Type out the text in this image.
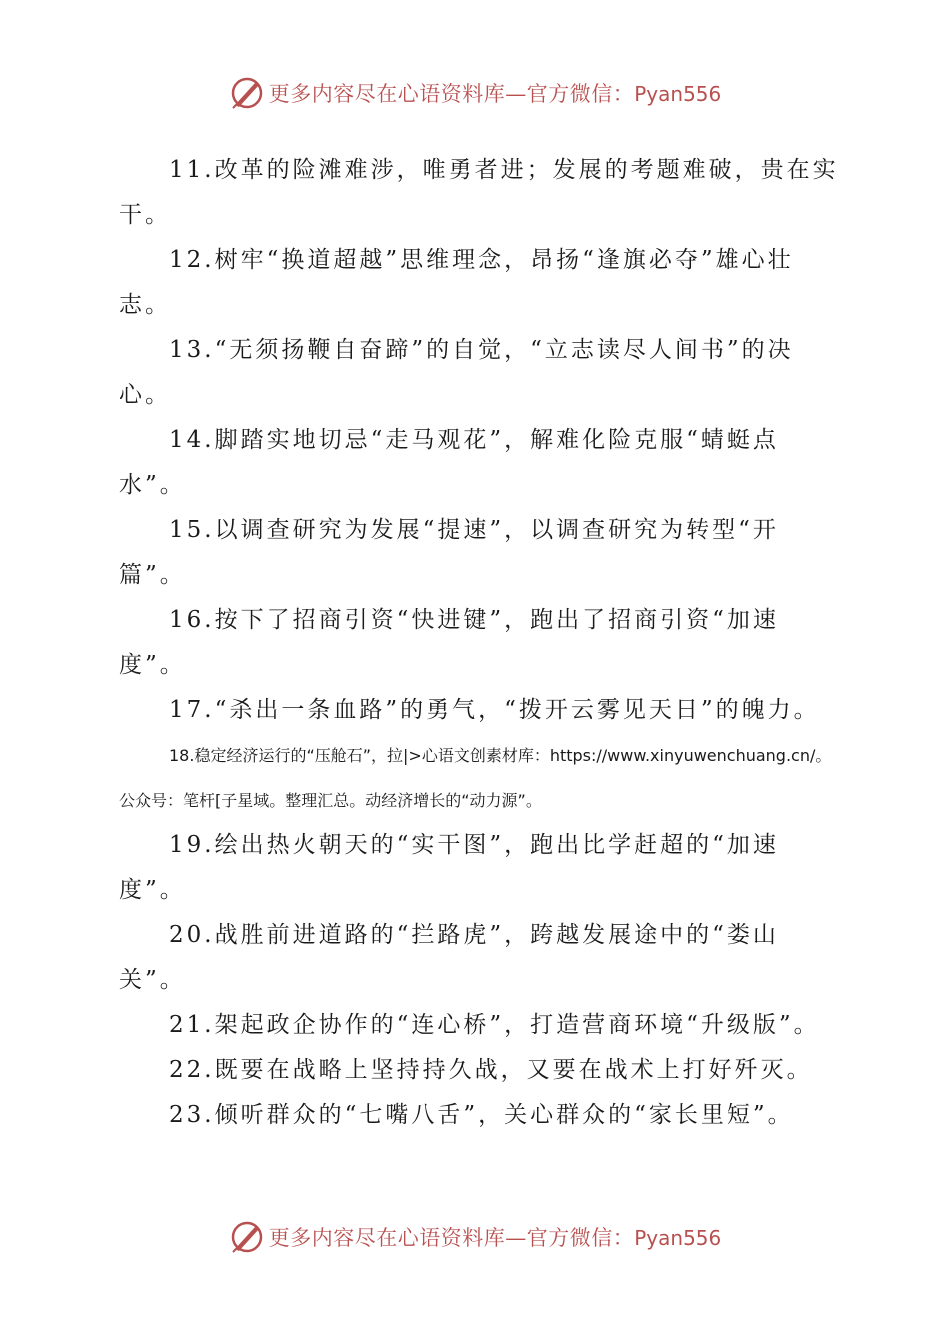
更多内容尽在心语资料库—官方微信：Pyan556

11.改革的险滩难涉，唯勇者进；发展的考题难破，贵在实干。

12.树牢“换道超越”思维理念，昂扬“逢旗必夺”雄心壮志。

13.“无须扬鞭自奋蹄”的自觉，“立志读尽人间书”的决心。

14.脚踏实地切忌“走马观花”，解难化险克服“蜻蜓点水”。

15.以调查研究为发展“提速”，以调查研究为转型“开篇”。

16.按下了招商引资“快进键”，跑出了招商引资“加速度”。

17.“杀出一条血路”的勇气，“拨开云雾见天日”的魄力。

18.稳定经济运行的“压舱石”，拉|>心语文创素材库：https://www.xinyuwenchuang.cn/。公众号：笔杆[子星域。整理汇总。动经济增长的“动力源”。

19.绘出热火朝天的“实干图”，跑出比学赶超的“加速度”。

20.战胜前进道路的“拦路虎”，跨越发展途中的“娄山关”。

21.架起政企协作的“连心桥”，打造营商环境“升级版”。

22.既要在战略上坚持持久战，又要在战术上打好歼灭。

23.倾听群众的“七嘴八舌”，关心群众的“家长里短”。

更多内容尽在心语资料库—官方微信：Pyan556
